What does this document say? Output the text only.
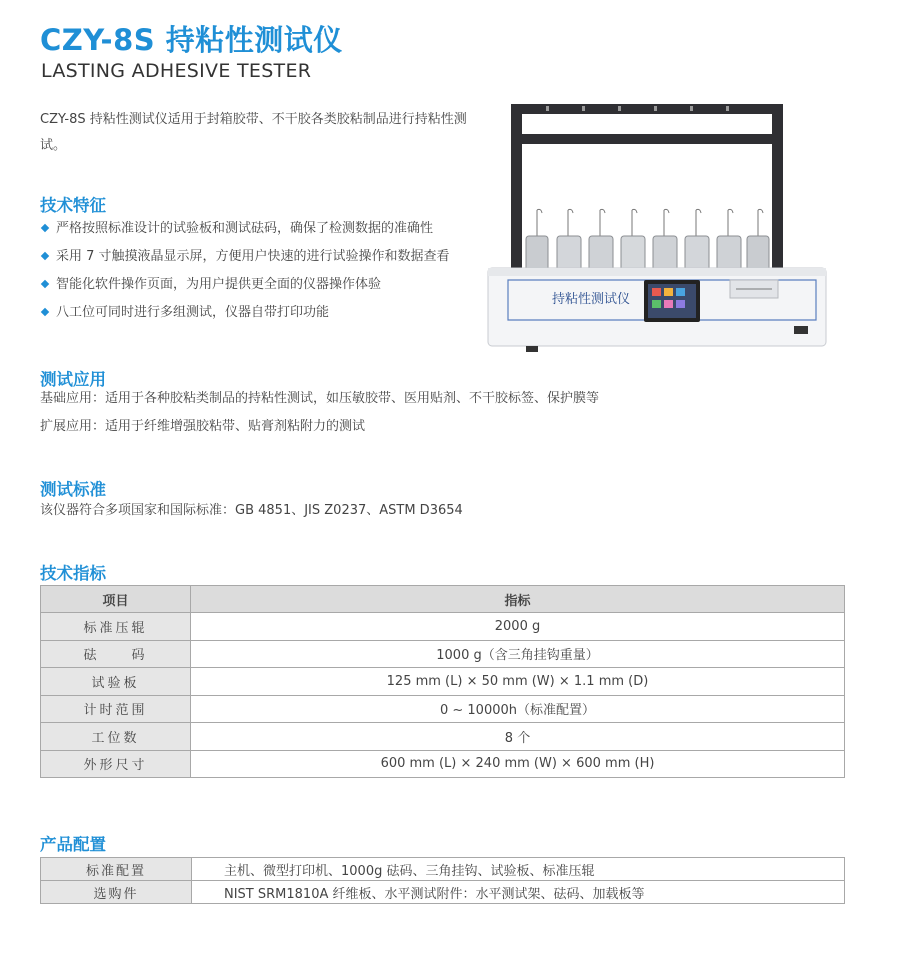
CZY-8S 持粘性测试仪
LASTING ADHESIVE TESTER
CZY-8S 持粘性测试仪适用于封箱胶带、不干胶各类胶粘制品进行持粘性测试。
持粘性测试仪
技术特征
严格按照标准设计的试验板和测试砝码，确保了检测数据的准确性
采用 7 寸触摸液晶显示屏，方便用户快速的进行试验操作和数据查看
智能化软件操作页面，为用户提供更全面的仪器操作体验
八工位可同时进行多组测试，仪器自带打印功能
测试应用
基础应用：适用于各种胶粘类制品的持粘性测试，如压敏胶带、医用贴剂、不干胶标签、保护膜等
扩展应用：适用于纤维增强胶粘带、贴膏剂粘附力的测试
测试标准
该仪器符合多项国家和国际标准：GB 4851、JIS Z0237、ASTM D3654
技术指标
项目	指标
标准压辊	2000 g
砝　　码	1000 g（含三角挂钩重量）
试验板	125 mm (L) × 50 mm (W) × 1.1 mm (D)
计时范围	0 ~ 10000h（标准配置）
工位数	8 个
外形尺寸	600 mm (L) × 240 mm (W) × 600 mm (H)
产品配置
标准配置	主机、微型打印机、1000g 砝码、三角挂钩、试验板、标准压辊
选购件	NIST SRM1810A 纤维板、水平测试附件：水平测试架、砝码、加载板等
